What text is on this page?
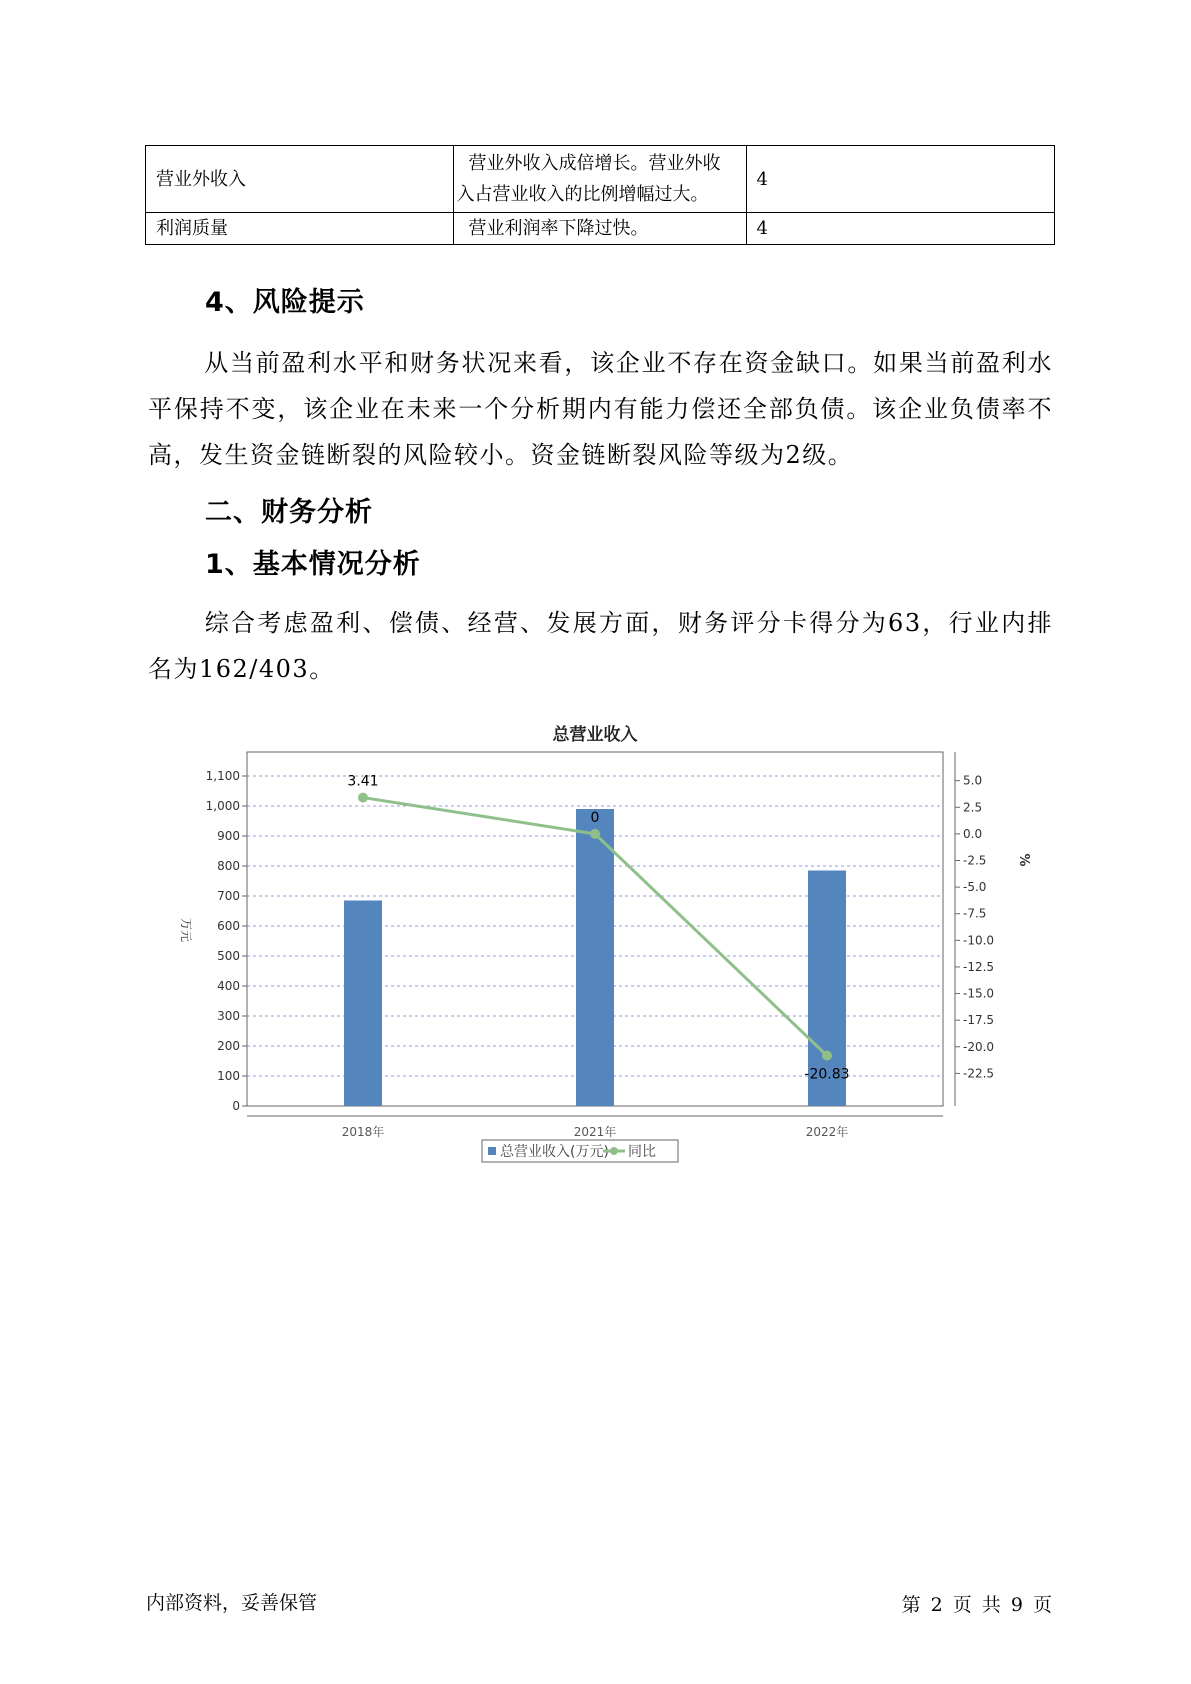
营业外收入	营业外收入成倍增长。营业外收
入占营业收入的比例增幅过大。	4
利润质量	营业利润率下降过快。	4
4、风险提示
从当前盈利水平和财务状况来看，该企业不存在资金缺口。如果当前盈利水平保持不变，该企业在未来一个分析期内有能力偿还全部负债。该企业负债率不高，发生资金链断裂的风险较小。资金链断裂风险等级为2级。
二、财务分析
1、基本情况分析
综合考虑盈利、偿债、经营、发展方面，财务评分卡得分为63，行业内排名为162/403。
总营业收入
0
100
200
300
400
500
600
700
800
900
1,000
1,100	5.0
2.5
0.0
-2.5
-5.0
-7.5
-10.0
-12.5
-15.0
-17.5
-20.0
-22.5
万元
%
2018年	2021年	2022年
3.41
0
-20.83
总营业收入(万元) 同比
内部资料，妥善保管	第 2 页 共 9 页
